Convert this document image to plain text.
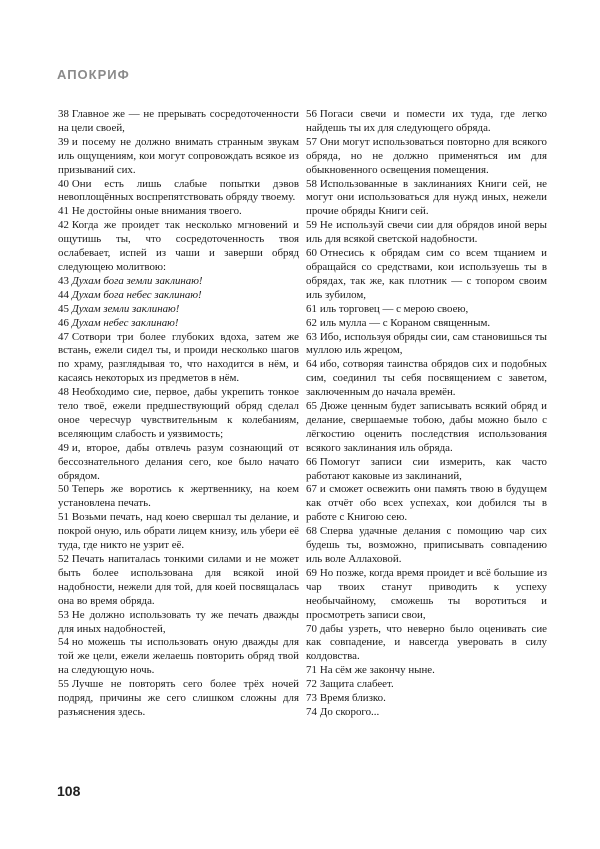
АПОКРИФ

38 Главное же — не прерывать сосредоточенности на цели своей,

39 и посему не должно внимать странным звукам иль ощущениям, кои могут сопровождать всякое из призываний сих.

40 Они есть лишь слабые попытки дэвов невоплощённых воспрепятствовать обряду твоему.

41 Не достойны оные внимания твоего.

42 Когда же проидет так несколько мгновений и ощутишь ты, что сосредоточенность твоя ослабевает, испей из чаши и заверши обряд следующею молитвою:

43 Духам бога земли заклинаю!

44 Духам бога небес заклинаю!

45 Духам земли заклинаю!

46 Духам небес заклинаю!

47 Сотвори три более глубоких вдоха, затем же встань, ежели сидел ты, и проиди несколько шагов по храму, разглядывая то, что находится в нём, и касаясь некоторых из предметов в нём.

48 Необходимо сие, первое, дабы укрепить тонкое тело твоё, ежели предшествующий обряд сделал оное чересчур чувствительным к колебаниям, вселяющим слабость и уязвимость;

49 и, второе, дабы отвлечь разум сознающий от бессознательного делания сего, кое было начато обрядом.

50 Теперь же воротись к жертвеннику, на коем установлена печать.

51 Возьми печать, над коею свершал ты делание, и покрой оную, иль обрати лицем книзу, иль убери её туда, где никто не узрит её.

52 Печать напиталась тонкими силами и не может быть более использована для всякой иной надобности, нежели для той, для коей посвящалась она во время обряда.

53 Не должно использовать ту же печать дважды для иных надобностей,

54 но можешь ты использовать оную дважды для той же цели, ежели желаешь повторить обряд твой на следующую ночь.

55 Лучше не повторять сего более трёх ночей подряд, причины же сего слишком сложны для разъяснения здесь.

56 Погаси свечи и помести их туда, где легко найдешь ты их для следующего обряда.

57 Они могут использоваться повторно для всякого обряда, но не должно применяться им для обыкновенного освещения помещения.

58 Использованные в заклинаниях Книги сей, не могут они использоваться для нужд иных, нежели прочие обряды Книги сей.

59 Не используй свечи сии для обрядов иной веры иль для всякой светской надобности.

60 Отнесись к обрядам сим со всем тщанием и обращайся со средствами, кои используешь ты в обрядах, так же, как плотник — с топором своим иль зубилом,

61 иль торговец — с мерою своею,

62 иль мулла — с Кораном священным.

63 Ибо, используя обряды сии, сам становишься ты муллою иль жрецом,

64 ибо, сотворяя таинства обрядов сих и подобных сим, соединил ты себя посвящением с заветом, заключенным до начала времён.

65 Дюже ценным будет записывать всякий обряд и делание, свершаемые тобою, дабы можно было с лёгкостию оценить последствия использования всякого заклинания иль обряда.

66 Помогут записи сии измерить, как часто работают каковые из заклинаний,

67 и сможет освежить они память твою в будущем как отчёт обо всех успехах, кои добился ты в работе с Книгою сею.

68 Сперва удачные делания с помощию чар сих будешь ты, возможно, приписывать совпадению иль воле Аллаховой.

69 Но позже, когда время проидет и всё большие из чар твоих станут приводить к успеху необычайному, сможешь ты воротиться и просмотреть записи свои,

70 дабы узреть, что неверно было оценивать сие как совпадение, и навсегда уверовать в силу колдовства.

71 На сём же закончу ныне.

72 Защита слабеет.

73 Время близко.

74 До скорого...

108
